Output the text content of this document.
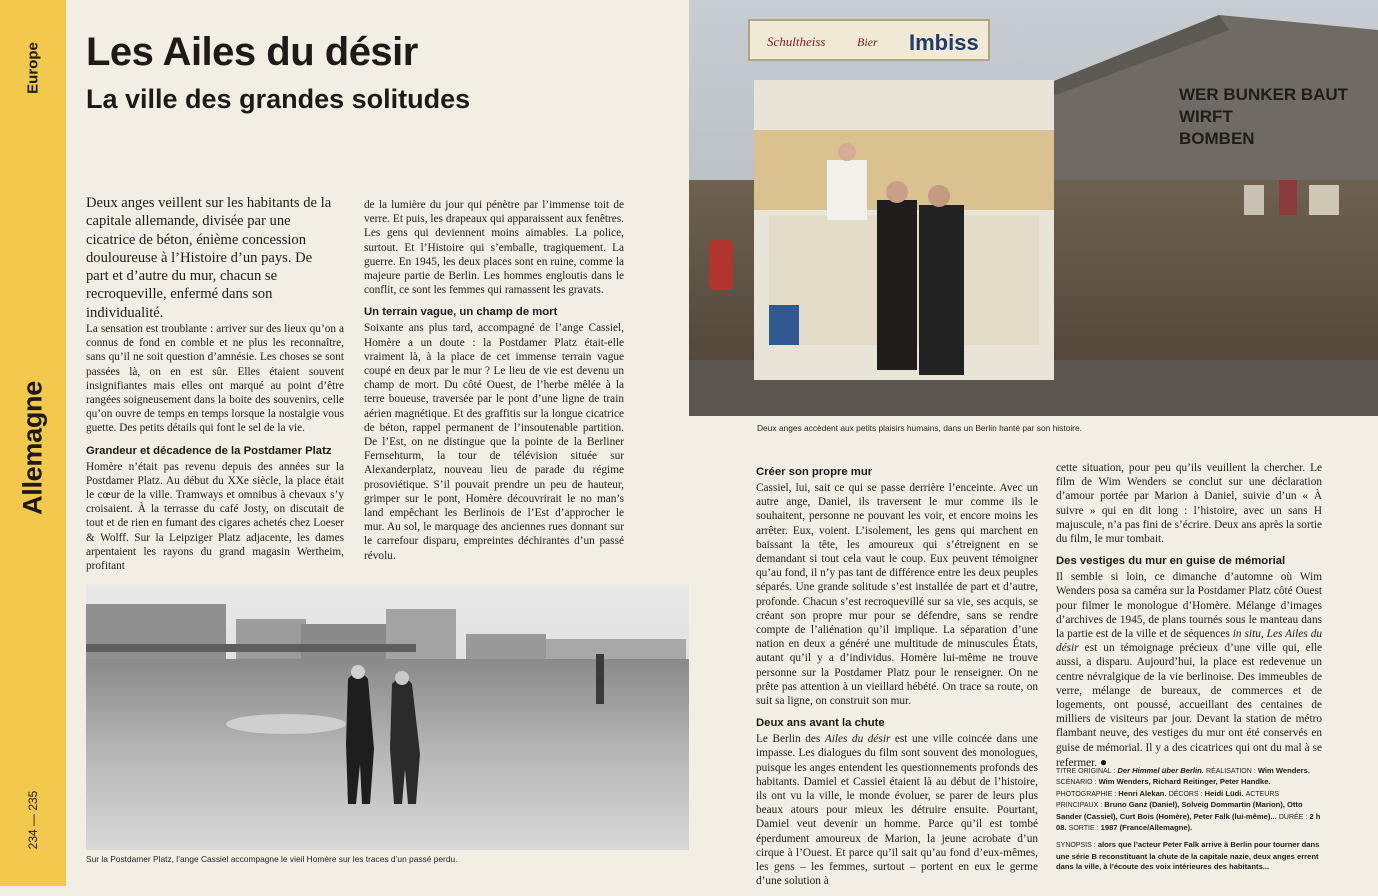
Europe
Allemagne
234 — 235
Les Ailes du désir
La ville des grandes solitudes

Deux anges veillent sur les habitants de la capitale allemande, divisée par une cicatrice de béton, énième concession douloureuse à l’Histoire d’un pays. De part et d’autre du mur, chacun se recroqueville, enfermé dans son individualité.

La sensation est troublante : arriver sur des lieux qu’on a connus de fond en comble et ne plus les reconnaître, sans qu’il ne soit question d’amnésie. Les choses se sont passées là, on en est sûr. Elles étaient souvent insignifiantes mais elles ont marqué au point d’être rangées soigneusement dans la boite des souvenirs, celle qu’on ouvre de temps en temps lorsque la nostalgie vous guette. Des petits détails qui font le sel de la vie.

Grandeur et décadence de la Postdamer Platz

Homère n’était pas revenu depuis des années sur la Postdamer Platz. Au début du XXe siècle, la place était le cœur de la ville. Tramways et omnibus à chevaux s’y croisaient. À la terrasse du café Josty, on discutait de tout et de rien en fumant des cigares achetés chez Loeser & Wolff. Sur la Leipziger Platz adjacente, les dames arpentaient les rayons du grand magasin Wertheim, profitant

de la lumière du jour qui pénètre par l’immense toit de verre. Et puis, les drapeaux qui apparaissent aux fenêtres. Les gens qui deviennent moins aimables. La police, surtout. Et l’Histoire qui s’emballe, tragiquement. La guerre. En 1945, les deux places sont en ruine, comme la majeure partie de Berlin. Les hommes engloutis dans le conflit, ce sont les femmes qui ramassent les gravats.

Un terrain vague, un champ de mort

Soixante ans plus tard, accompagné de l’ange Cassiel, Homère a un doute : la Postdamer Platz était-elle vraiment là, à la place de cet immense terrain vague coupé en deux par le mur ? Le lieu de vie est devenu un champ de mort. Du côté Ouest, de l’herbe mêlée à la terre boueuse, traversée par le pont d’une ligne de train aérien magnétique. Et des graffitis sur la longue cicatrice de béton, rappel permanent de l’insoutenable partition. De l’Est, on ne distingue que la pointe de la Berliner Fernsehturm, la tour de télévision située sur Alexanderplatz, nouveau lieu de parade du régime prosoviétique. S’il pouvait prendre un peu de hauteur, grimper sur le pont, Homère découvrirait le no man’s land empêchant les Berlinois de l’Est d’approcher le mur. Au sol, le marquage des anciennes rues donnant sur le carrefour disparu, empreintes déchirantes d’un passé révolu.

Sur la Postdamer Platz, l’ange Cassiel accompagne le vieil Homère sur les traces d’un passé perdu.
Schultheiss	Bier Imbiss
WER BUNKER BAUT
WIRFT
BOMBEN
Deux anges accèdent aux petits plaisirs humains, dans un Berlin hanté par son histoire.
Créer son propre mur

Cassiel, lui, sait ce qui se passe derrière l’enceinte. Avec un autre ange, Daniel, ils traversent le mur comme ils le souhaitent, personne ne pouvant les voir, et encore moins les arrêter. Eux, voient. L’isolement, les gens qui marchent en baissant la tête, les amoureux qui s’étreignent en se demandant si tout cela vaut le coup. Eux peuvent témoigner qu’au fond, il n’y pas tant de différence entre les deux peuples séparés. Une grande solitude s’est installée de part et d’autre, profonde. Chacun s’est recroquevillé sur sa vie, ses acquis, se créant son propre mur pour se défendre, sans se rendre compte de l’aliénation qu’il implique. La séparation d’une nation en deux a généré une multitude de minuscules États, autant qu’il y a d’individus. Homère lui-même ne trouve personne sur la Postdamer Platz pour le renseigner. On ne prête pas attention à un vieillard hébété. On trace sa route, on suit sa ligne, on construit son mur.

Deux ans avant la chute

Le Berlin des Ailes du désir est une ville coincée dans une impasse. Les dialogues du film sont souvent des monologues, puisque les anges entendent les questionnements profonds des habitants. Damiel et Cassiel étaient là au début de l’histoire, ils ont vu la ville, le monde évoluer, se parer de leurs plus beaux atours pour mieux les détruire ensuite. Pourtant, Damiel veut devenir un homme. Parce qu’il est tombé éperdument amoureux de Marion, la jeune acrobate d’un cirque à l’Ouest. Et parce qu’il sait qu’au fond d’eux-mêmes, les gens – les femmes, surtout – portent en eux le germe d’une solution à

cette situation, pour peu qu’ils veuillent la chercher. Le film de Wim Wenders se conclut sur une déclaration d’amour portée par Marion à Daniel, suivie d’un « À suivre » qui en dit long : l’histoire, avec un sans H majuscule, n’a pas fini de s’écrire. Deux ans après la sortie du film, le mur tombait.

Des vestiges du mur en guise de mémorial

Il semble si loin, ce dimanche d’automne où Wim Wenders posa sa caméra sur la Postdamer Platz côté Ouest pour filmer le monologue d’Homère. Mélange d’images d’archives de 1945, de plans tournés sous le manteau dans la partie est de la ville et de séquences in situ, Les Ailes du désir est un témoignage précieux d’une ville qui, elle aussi, a disparu. Aujourd’hui, la place est redevenue un centre névralgique de la vie berlinoise. Des immeubles de verre, mélange de bureaux, de commerces et de logements, ont poussé, accueillant des centaines de milliers de visiteurs par jour. Devant la station de métro flambant neuve, des vestiges du mur ont été conservés en guise de mémorial. Il y a des cicatrices qui ont du mal à se refermer. ●

TITRE ORIGINAL : Der Himmel über Berlin. RÉALISATION : Wim Wenders. SCÉNARIO : Wim Wenders, Richard Reitinger, Peter Handke. PHOTOGRAPHIE : Henri Alekan. DÉCORS : Heidi Lüdi. ACTEURS PRINCIPAUX : Bruno Ganz (Daniel), Solveig Dommartin (Marion), Otto Sander (Cassiel), Curt Bois (Homère), Peter Falk (lui-même)... DURÉE : 2 h 08. SORTIE : 1987 (France/Allemagne).

SYNOPSIS : alors que l’acteur Peter Falk arrive à Berlin pour tourner dans une série B reconstituant la chute de la capitale nazie, deux anges errent dans la ville, à l’écoute des voix intérieures des habitants...
